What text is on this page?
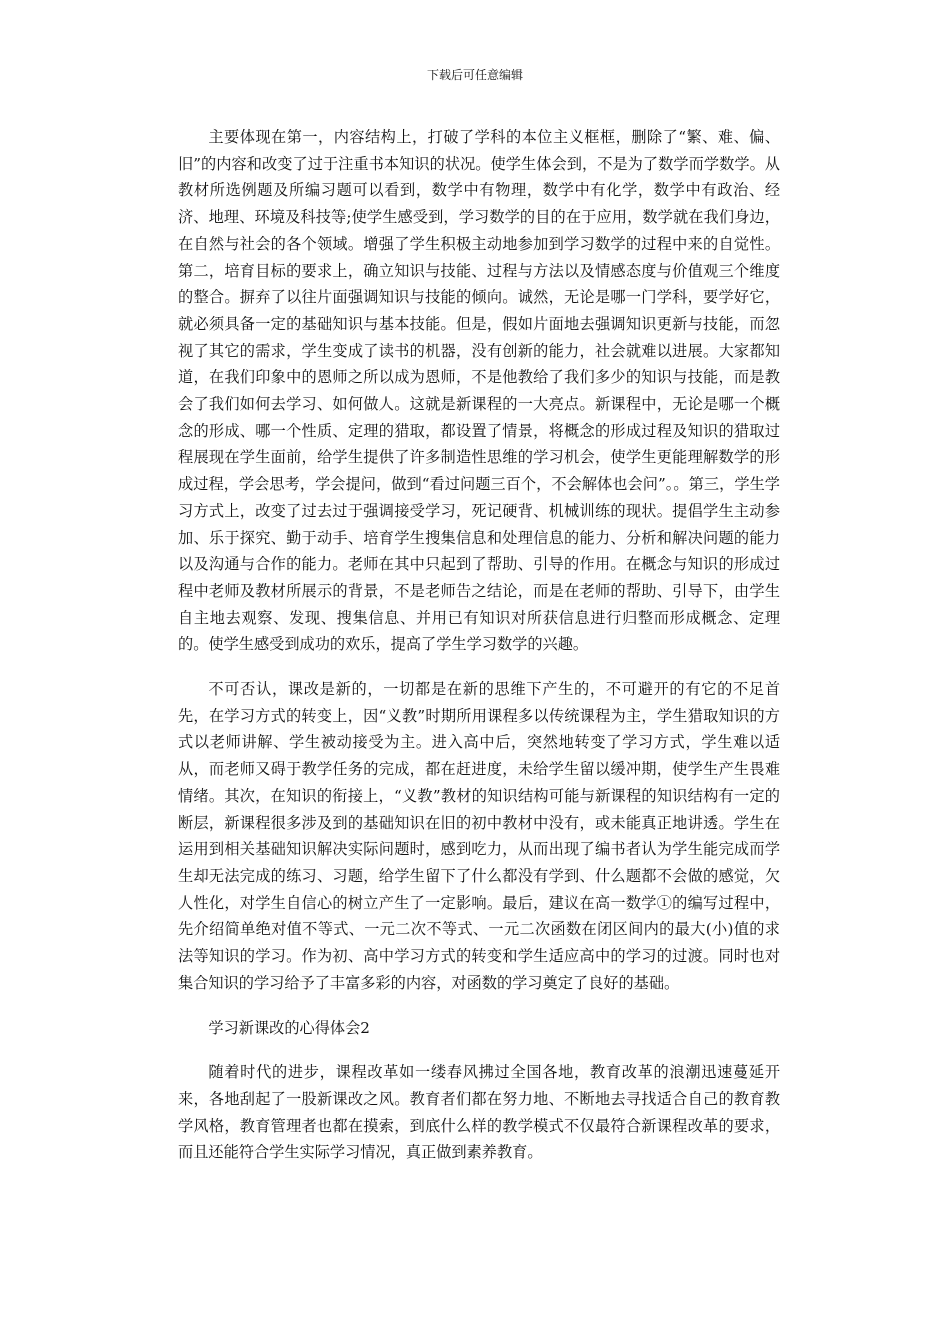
下载后可任意编辑

主要体现在第一，内容结构上，打破了学科的本位主义框框，删除了“繁、难、偏、旧”的内容和改变了过于注重书本知识的状况。使学生体会到，不是为了数学而学数学。从教材所选例题及所编习题可以看到，数学中有物理，数学中有化学，数学中有政治、经济、地理、环境及科技等;使学生感受到，学习数学的目的在于应用，数学就在我们身边，在自然与社会的各个领域。增强了学生积极主动地参加到学习数学的过程中来的自觉性。第二，培育目标的要求上，确立知识与技能、过程与方法以及情感态度与价值观三个维度的整合。摒弃了以往片面强调知识与技能的倾向。诚然，无论是哪一门学科，要学好它，就必须具备一定的基础知识与基本技能。但是，假如片面地去强调知识更新与技能，而忽视了其它的需求，学生变成了读书的机器，没有创新的能力，社会就难以进展。大家都知道，在我们印象中的恩师之所以成为恩师，不是他教给了我们多少的知识与技能，而是教会了我们如何去学习、如何做人。这就是新课程的一大亮点。新课程中，无论是哪一个概念的形成、哪一个性质、定理的猎取，都设置了情景，将概念的形成过程及知识的猎取过程展现在学生面前，给学生提供了许多制造性思维的学习机会，使学生更能理解数学的形成过程，学会思考，学会提问，做到“看过问题三百个，不会解体也会问”。。第三，学生学习方式上，改变了过去过于强调接受学习，死记硬背、机械训练的现状。提倡学生主动参加、乐于探究、勤于动手、培育学生搜集信息和处理信息的能力、分析和解决问题的能力以及沟通与合作的能力。老师在其中只起到了帮助、引导的作用。在概念与知识的形成过程中老师及教材所展示的背景，不是老师告之结论，而是在老师的帮助、引导下，由学生自主地去观察、发现、搜集信息、并用已有知识对所获信息进行归整而形成概念、定理的。使学生感受到成功的欢乐，提高了学生学习数学的兴趣。

不可否认，课改是新的，一切都是在新的思维下产生的，不可避开的有它的不足首先，在学习方式的转变上，因“义教”时期所用课程多以传统课程为主，学生猎取知识的方式以老师讲解、学生被动接受为主。进入高中后，突然地转变了学习方式，学生难以适从，而老师又碍于教学任务的完成，都在赶进度，未给学生留以缓冲期，使学生产生畏难情绪。其次，在知识的衔接上，“义教”教材的知识结构可能与新课程的知识结构有一定的断层，新课程很多涉及到的基础知识在旧的初中教材中没有，或未能真正地讲透。学生在运用到相关基础知识解决实际问题时，感到吃力，从而出现了编书者认为学生能完成而学生却无法完成的练习、习题，给学生留下了什么都没有学到、什么题都不会做的感觉，欠人性化，对学生自信心的树立产生了一定影响。最后，建议在高一数学①的编写过程中，先介绍简单绝对值不等式、一元二次不等式、一元二次函数在闭区间内的最大(小)值的求法等知识的学习。作为初、高中学习方式的转变和学生适应高中的学习的过渡。同时也对集合知识的学习给予了丰富多彩的内容，对函数的学习奠定了良好的基础。

学习新课改的心得体会2

随着时代的进步，课程改革如一缕春风拂过全国各地，教育改革的浪潮迅速蔓延开来，各地刮起了一股新课改之风。教育者们都在努力地、不断地去寻找适合自己的教育教学风格，教育管理者也都在摸索，到底什么样的教学模式不仅最符合新课程改革的要求，而且还能符合学生实际学习情况，真正做到素养教育。
